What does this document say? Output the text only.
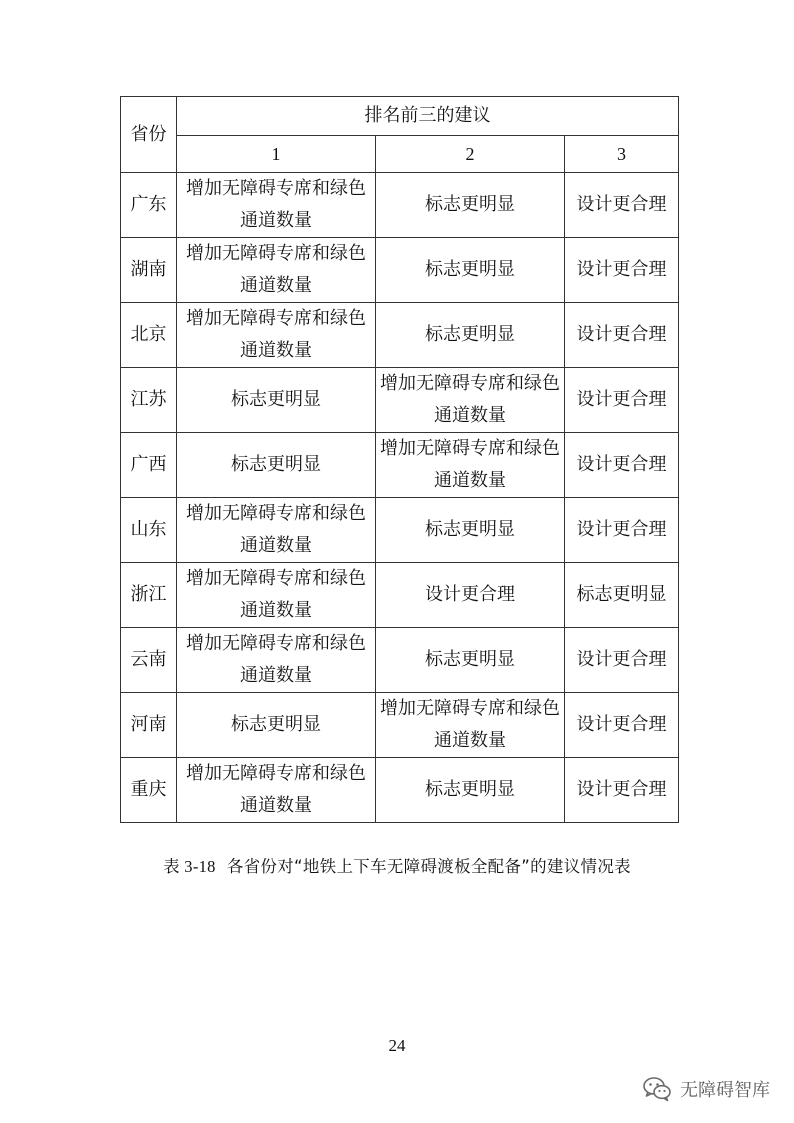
省份	排名前三的建议		
	1	2	3
广东	增加无障碍专席和绿色通道数量	标志更明显	设计更合理
湖南	增加无障碍专席和绿色通道数量	标志更明显	设计更合理
北京	增加无障碍专席和绿色通道数量	标志更明显	设计更合理
江苏	标志更明显	增加无障碍专席和绿色通道数量	设计更合理
广西	标志更明显	增加无障碍专席和绿色通道数量	设计更合理
山东	增加无障碍专席和绿色通道数量	标志更明显	设计更合理
浙江	增加无障碍专席和绿色通道数量	设计更合理	标志更明显
云南	增加无障碍专席和绿色通道数量	标志更明显	设计更合理
河南	标志更明显	增加无障碍专席和绿色通道数量	设计更合理
重庆	增加无障碍专席和绿色通道数量	标志更明显	设计更合理
表 3-18 各省份对“地铁上下车无障碍渡板全配备”的建议情况表
24
无障碍智库
